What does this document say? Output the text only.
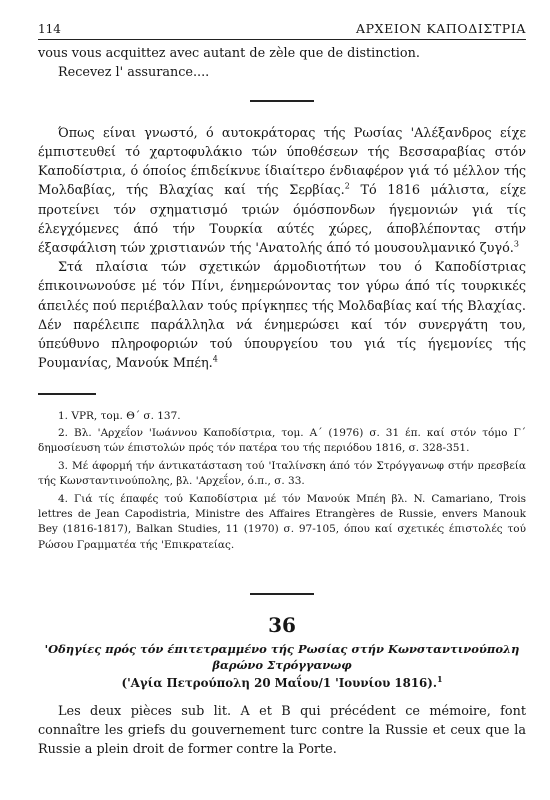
114	ΑΡΧΕΙΟΝ ΚΑΠΟΔΙΣΤΡΙΑ

vous vous acquittez avec autant de zèle que de distinction.

Recevez l' assurance....

Όπως είναι γνωστό, ό αυτοκράτορας τής Ρωσίας 'Αλέξανδρος είχε έμπιστευθεί τό χαρτοφυλάκιο τών ύποθέσεων τής Βεσσαραβίας στόν Καποδίστρια, ό όποίος έπιδείκνυε ίδιαίτερο ένδιαφέρον γιά τό μέλλον τής Μολδαβίας, τής Βλαχίας καί τής Σερβίας.$^2$ Τό 1816 μάλιστα, είχε προτείνει τόν σχηματισμό τριών όμόσπονδων ήγεμονιών γιά τίς έλεγχόμενες άπό τήν Τουρκία αύτές χώρες, άποβλέποντας στήν έξασφάλιση τών χριστιανών τής 'Ανατολής άπό τό μουσουλμανικό ζυγό.$^3$

Στά πλαίσια τών σχετικών άρμοδιοτήτων του ό Καποδίστριας έπικοινωνούσε μέ τόν Πίνι, ένημερώνοντας τον γύρω άπό τίς τουρκικές άπειλές πού περιέβαλλαν τούς πρίγκηπες τής Μολδαβίας καί τής Βλαχίας. Δέν παρέλειπε παράλληλα νά ένημερώσει καί τόν συνεργάτη του, ύπεύθυνο πληροφοριών τού ύπουργείου του γιά τίς ήγεμονίες τής Ρουμανίας, Μανούκ Μπέη.$^4$

1. VPR, τομ. Θ΄ σ. 137.

2. Βλ. 'Αρχεΐον 'Ιωάννου Καποδίστρια, τομ. Α΄ (1976) σ. 31 έπ. καί στόν τόμο Γ΄ δημοσίευση τών έπιστολών πρός τόν πατέρα του τής περιόδου 1816, σ. 328-351.

3. Μέ άφορμή τήν άντικατάσταση τού 'Ιταλίνσκη άπό τόν Στρόγγανωφ στήν πρεσβεία τής Κωνσταντινούπολης, βλ. 'Αρχεΐον, ό.π., σ. 33.

4. Γιά τίς έπαφές τού Καποδίστρια μέ τόν Μανούκ Μπέη βλ. N. Camariano, Trois lettres de Jean Capodistria, Ministre des Affaires Etrangères de Russie, envers Manouk Bey (1816-1817), Balkan Studies, 11 (1970) σ. 97-105, όπου καί σχετικές έπιστολές τού Ρώσου Γραμματέα τής 'Επικρατείας.

36
'Οδηγίες πρός τόν έπιτετραμμένο τής Ρωσίας στήν Κωνσταντινούπολη βαρώνο Στρόγγανωφ
('Αγία Πετρούπολη 20 Μαΐου/1 'Ιουνίου 1816).$^1$

Les deux pièces sub lit. A et B qui précédent ce mémoire, font connaître les griefs du gouvernement turc contre la Russie et ceux que la Russie a plein droit de former contre la Porte.
